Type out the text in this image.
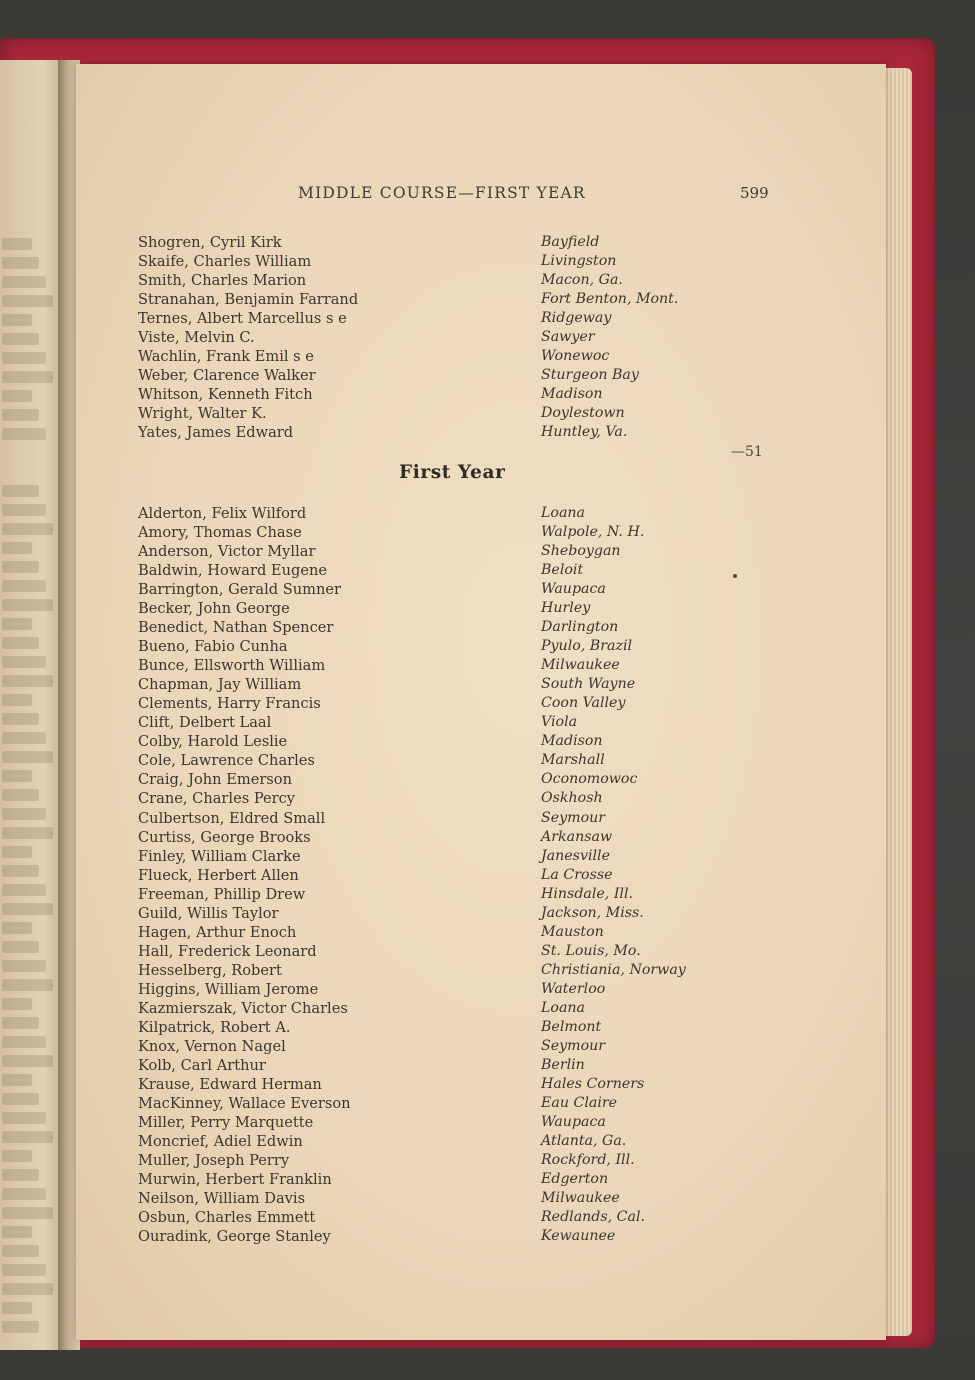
MIDDLE COURSE—FIRST YEAR	599
Shogren, Cyril Kirk	Bayfield
Skaife, Charles William	Livingston
Smith, Charles Marion	Macon, Ga.
Stranahan, Benjamin Farrand	Fort Benton, Mont.
Ternes, Albert Marcellus s e	Ridgeway
Viste, Melvin C.	Sawyer
Wachlin, Frank Emil s e	Wonewoc
Weber, Clarence Walker	Sturgeon Bay
Whitson, Kenneth Fitch	Madison
Wright, Walter K.	Doylestown
Yates, James Edward	Huntley, Va.
—51
First Year
Alderton, Felix Wilford	Loana
Amory, Thomas Chase	Walpole, N. H.
Anderson, Victor Myllar	Sheboygan
Baldwin, Howard Eugene	Beloit
Barrington, Gerald Sumner	Waupaca
Becker, John George	Hurley
Benedict, Nathan Spencer	Darlington
Bueno, Fabio Cunha	Pyulo, Brazil
Bunce, Ellsworth William	Milwaukee
Chapman, Jay William	South Wayne
Clements, Harry Francis	Coon Valley
Clift, Delbert Laal	Viola
Colby, Harold Leslie	Madison
Cole, Lawrence Charles	Marshall
Craig, John Emerson	Oconomowoc
Crane, Charles Percy	Oskhosh
Culbertson, Eldred Small	Seymour
Curtiss, George Brooks	Arkansaw
Finley, William Clarke	Janesville
Flueck, Herbert Allen	La Crosse
Freeman, Phillip Drew	Hinsdale, Ill.
Guild, Willis Taylor	Jackson, Miss.
Hagen, Arthur Enoch	Mauston
Hall, Frederick Leonard	St. Louis, Mo.
Hesselberg, Robert	Christiania, Norway
Higgins, William Jerome	Waterloo
Kazmierszak, Victor Charles	Loana
Kilpatrick, Robert A.	Belmont
Knox, Vernon Nagel	Seymour
Kolb, Carl Arthur	Berlin
Krause, Edward Herman	Hales Corners
MacKinney, Wallace Everson	Eau Claire
Miller, Perry Marquette	Waupaca
Moncrief, Adiel Edwin	Atlanta, Ga.
Muller, Joseph Perry	Rockford, Ill.
Murwin, Herbert Franklin	Edgerton
Neilson, William Davis	Milwaukee
Osbun, Charles Emmett	Redlands, Cal.
Ouradink, George Stanley	Kewaunee
